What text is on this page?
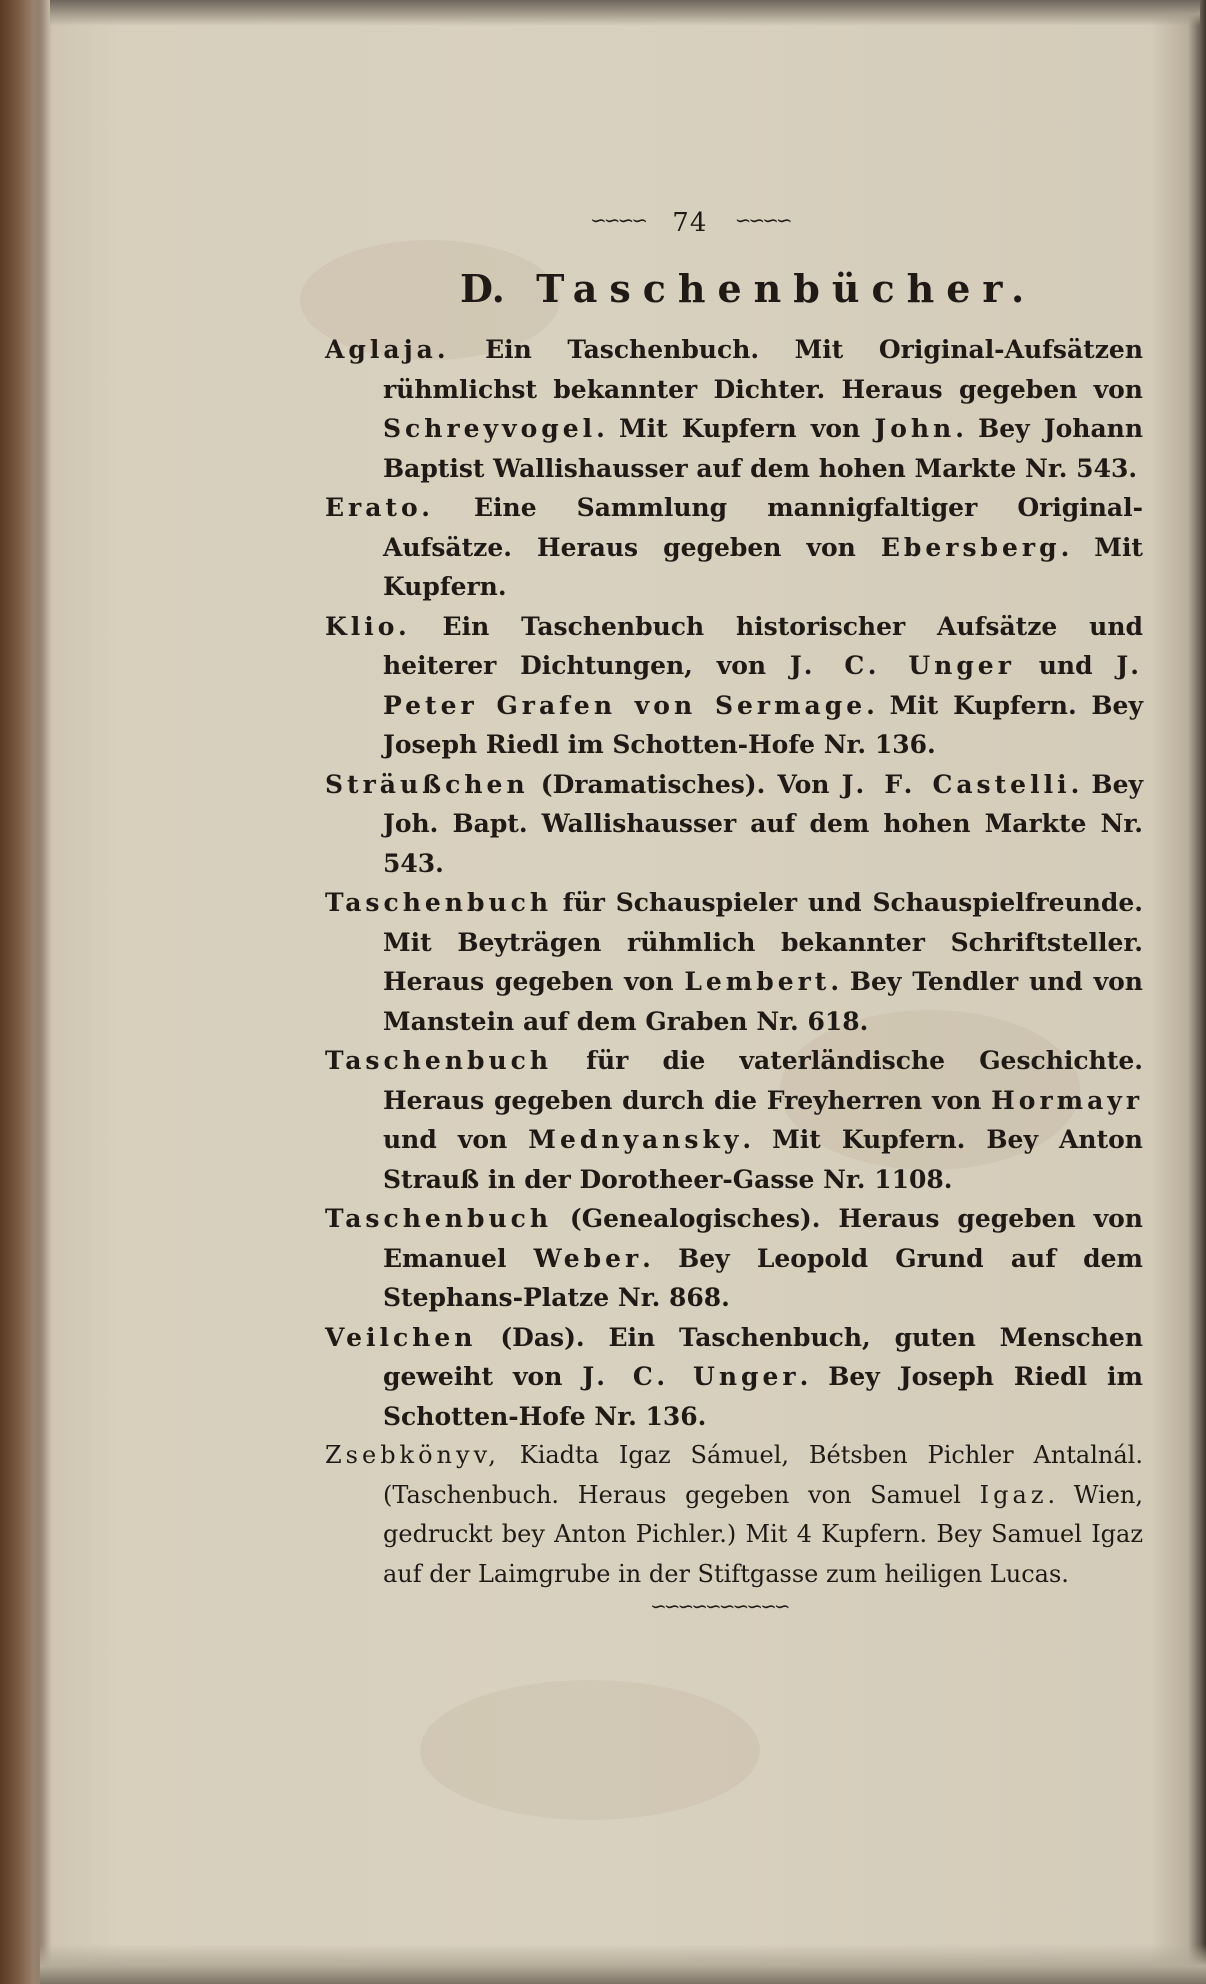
∽∽∽∽ 74 ∽∽∽∽
D. Taschenbücher.

Aglaja. Ein Taschenbuch. Mit Original-Aufsätzen rühmlichst bekannter Dichter. Heraus gegeben von Schreyvogel. Mit Kupfern von John. Bey Johann Baptist Wallishausser auf dem hohen Markte Nr. 543.

Erato. Eine Sammlung mannigfaltiger Original-Aufsätze. Heraus gegeben von Ebersberg. Mit Kupfern.

Klio. Ein Taschenbuch historischer Aufsätze und heiterer Dichtungen, von J. C. Unger und J. Peter Grafen von Sermage. Mit Kupfern. Bey Joseph Riedl im Schotten-Hofe Nr. 136.

Sträußchen (Dramatisches). Von J. F. Castelli. Bey Joh. Bapt. Wallishausser auf dem hohen Markte Nr. 543.

Taschenbuch für Schauspieler und Schauspielfreunde. Mit Beyträgen rühmlich bekannter Schriftsteller. Heraus gegeben von Lembert. Bey Tendler und von Manstein auf dem Graben Nr. 618.

Taschenbuch für die vaterländische Geschichte. Heraus gegeben durch die Freyherren von Hormayr und von Mednyansky. Mit Kupfern. Bey Anton Strauß in der Dorotheer-Gasse Nr. 1108.

Taschenbuch (Genealogisches). Heraus gegeben von Emanuel Weber. Bey Leopold Grund auf dem Stephans-Platze Nr. 868.

Veilchen (Das). Ein Taschenbuch, guten Menschen geweiht von J. C. Unger. Bey Joseph Riedl im Schotten-Hofe Nr. 136.

Zsebkönyv, Kiadta Igaz Sámuel, Bétsben Pichler Antalnál. (Taschenbuch. Heraus gegeben von Samuel Igaz. Wien, gedruckt bey Anton Pichler.) Mit 4 Kupfern. Bey Samuel Igaz auf der Laimgrube in der Stiftgasse zum heiligen Lucas.

∽∽∽∽∽∽∽∽∽∽
